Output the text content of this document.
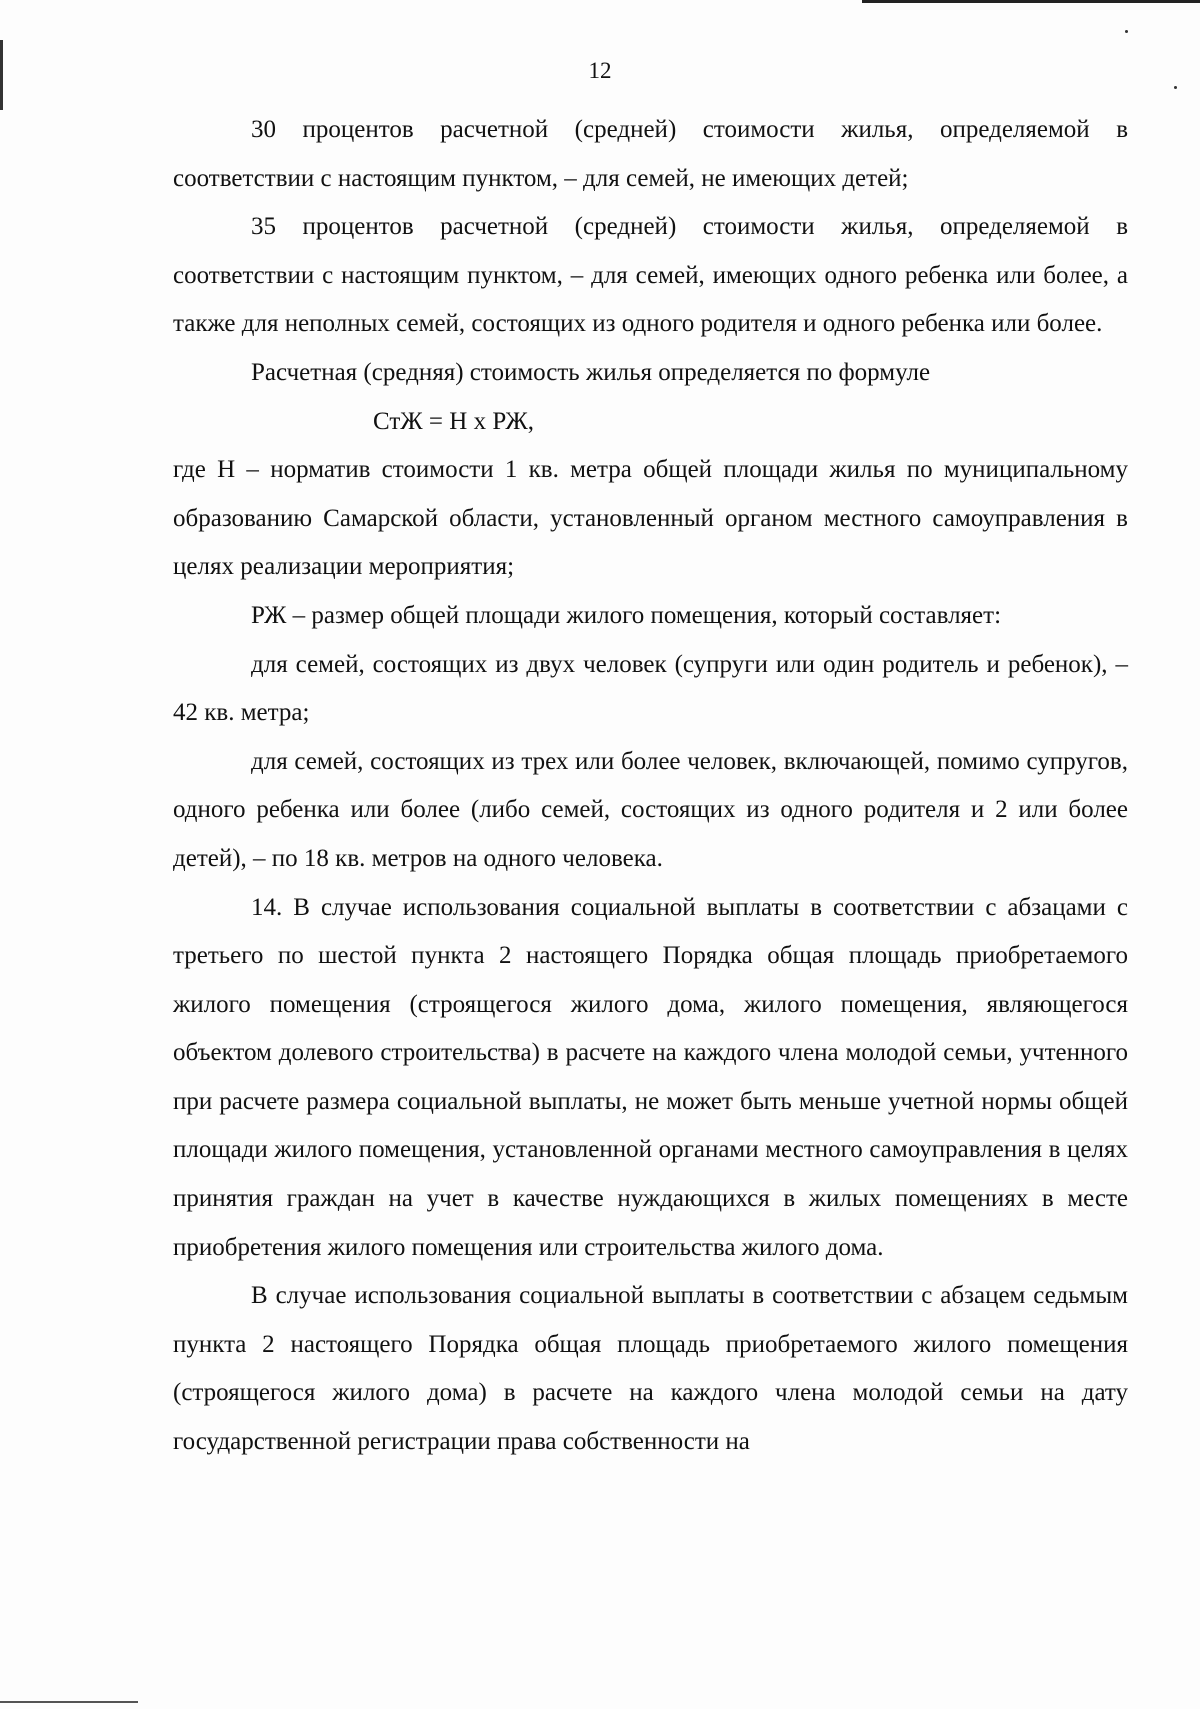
12

30 процентов расчетной (средней) стоимости жилья, определяемой в соответствии с настоящим пунктом, – для семей, не имеющих детей;

35 процентов расчетной (средней) стоимости жилья, определяемой в соответствии с настоящим пунктом, – для семей, имеющих одного ребенка или более, а также для неполных семей, состоящих из одного родителя и одного ребенка или более.

Расчетная (средняя) стоимость жилья определяется по формуле

СтЖ = Н х РЖ,

где Н – норматив стоимости 1 кв. метра общей площади жилья по муниципальному образованию Самарской области, установленный органом местного самоуправления в целях реализации мероприятия;

РЖ – размер общей площади жилого помещения, который составляет:

для семей, состоящих из двух человек (супруги или один родитель и ребенок), – 42 кв. метра;

для семей, состоящих из трех или более человек, включающей, помимо супругов, одного ребенка или более (либо семей, состоящих из одного родителя и 2 или более детей), – по 18 кв. метров на одного человека.

14. В случае использования социальной выплаты в соответствии с абзацами с третьего по шестой пункта 2 настоящего Порядка общая площадь приобретаемого жилого помещения (строящегося жилого дома, жилого помещения, являющегося объектом долевого строительства) в расчете на каждого члена молодой семьи, учтенного при расчете размера социальной выплаты, не может быть меньше учетной нормы общей площади жилого помещения, установленной органами местного самоуправления в целях принятия граждан на учет в качестве нуждающихся в жилых помещениях в месте приобретения жилого помещения или строительства жилого дома.

В случае использования социальной выплаты в соответствии с абзацем седьмым пункта 2 настоящего Порядка общая площадь приобретаемого жилого помещения (строящегося жилого дома) в расчете на каждого члена молодой семьи на дату государственной регистрации права собственности на
